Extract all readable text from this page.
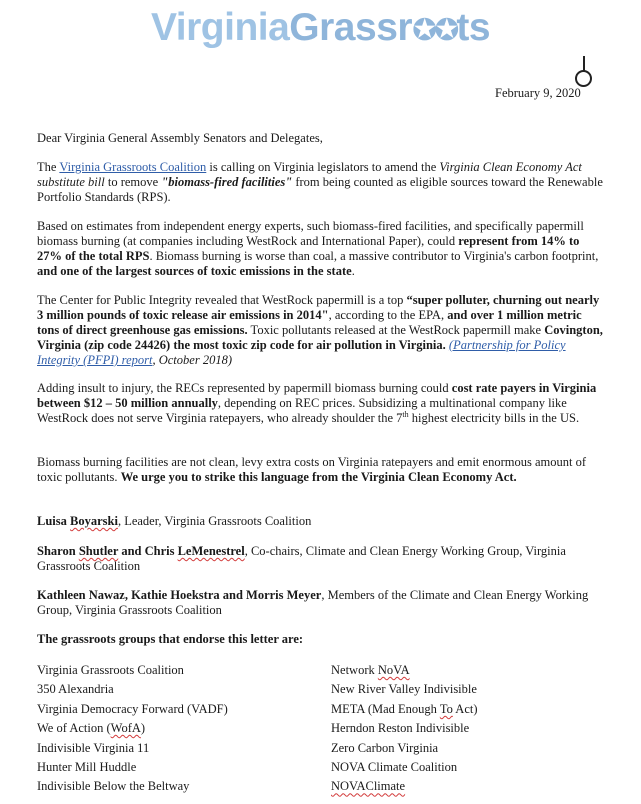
VirginiaGrassr✪✪ts
February 9, 2020
Dear Virginia General Assembly Senators and Delegates,
The Virginia Grassroots Coalition is calling on Virginia legislators to amend the Virginia Clean Economy Act substitute bill to remove "biomass-fired facilities" from being counted as eligible sources toward the Renewable Portfolio Standards (RPS).
Based on estimates from independent energy experts, such biomass-fired facilities, and specifically papermill biomass burning (at companies including WestRock and International Paper), could represent from 14% to 27% of the total RPS. Biomass burning is worse than coal, a massive contributor to Virginia's carbon footprint, and one of the largest sources of toxic emissions in the state.
The Center for Public Integrity revealed that WestRock papermill is a top “super polluter, churning out nearly 3 million pounds of toxic release air emissions in 2014", according to the EPA, and over 1 million metric tons of direct greenhouse gas emissions. Toxic pollutants released at the WestRock papermill make Covington, Virginia (zip code 24426) the most toxic zip code for air pollution in Virginia. (Partnership for Policy Integrity (PFPI) report, October 2018)
Adding insult to injury, the RECs represented by papermill biomass burning could cost rate payers in Virginia between $12 – 50 million annually, depending on REC prices. Subsidizing a multinational company like WestRock does not serve Virginia ratepayers, who already shoulder the 7th highest electricity bills in the US.
Biomass burning facilities are not clean, levy extra costs on Virginia ratepayers and emit enormous amount of toxic pollutants. We urge you to strike this language from the Virginia Clean Economy Act.
Luisa Boyarski, Leader, Virginia Grassroots Coalition
Sharon Shutler and Chris LeMenestrel, Co-chairs, Climate and Clean Energy Working Group, Virginia Grassroots Coalition
Kathleen Nawaz, Kathie Hoekstra and Morris Meyer, Members of the Climate and Clean Energy Working Group, Virginia Grassroots Coalition
The grassroots groups that endorse this letter are:
Virginia Grassroots Coalition
350 Alexandria
Virginia Democracy Forward (VADF)
We of Action (WofA)
Indivisible Virginia 11
Hunter Mill Huddle
Indivisible Below the Beltway
Network NoVA
New River Valley Indivisible
META (Mad Enough To Act)
Herndon Reston Indivisible
Zero Carbon Virginia
NOVA Climate Coalition
NOVAClimate
